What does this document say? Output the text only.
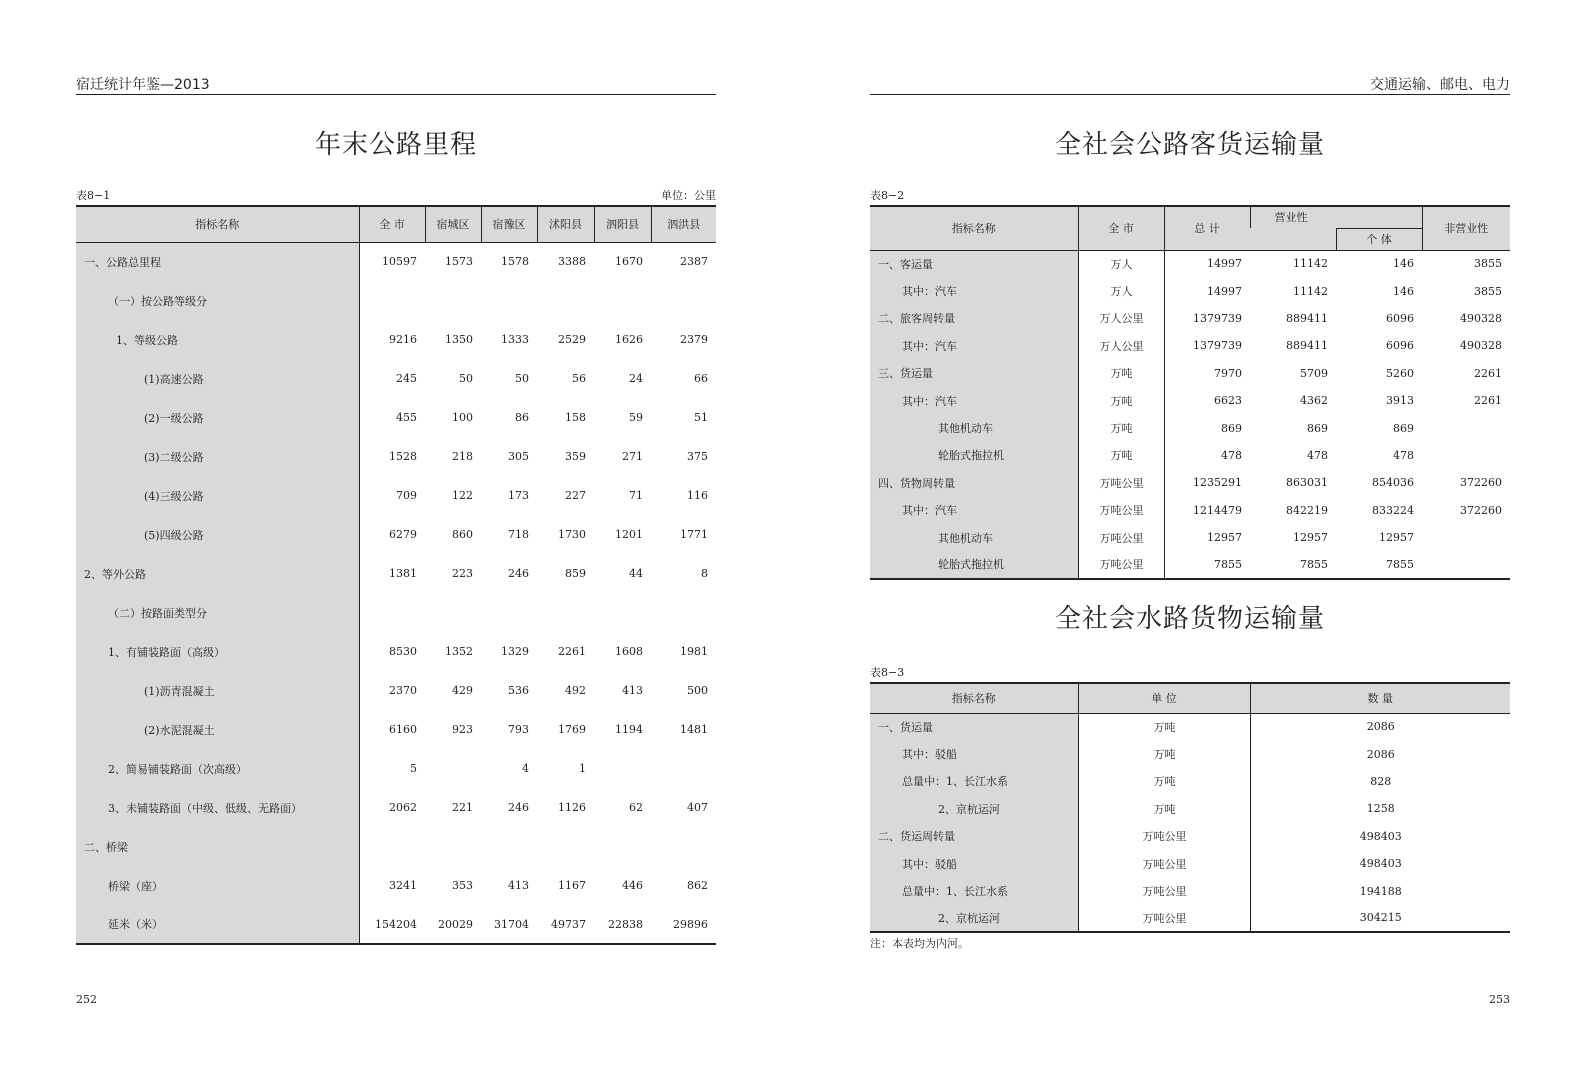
宿迁统计年鉴—2013
年末公路里程
表8−1	单位：公里
指标名称	全 市	宿城区	宿豫区	沭阳县	泗阳县	泗洪县
一、公路总里程	10597	1573	1578	3388	1670	2387
（一）按公路等级分						
1、等级公路	9216	1350	1333	2529	1626	2379
(1)高速公路	245	50	50	56	24	66
(2)一级公路	455	100	86	158	59	51
(3)二级公路	1528	218	305	359	271	375
(4)三级公路	709	122	173	227	71	116
(5)四级公路	6279	860	718	1730	1201	1771
2、等外公路	1381	223	246	859	44	8
（二）按路面类型分						
1、有铺装路面（高级）	8530	1352	1329	2261	1608	1981
(1)沥青混凝土	2370	429	536	492	413	500
(2)水泥混凝土	6160	923	793	1769	1194	1481
2、简易铺装路面（次高级）	5		4	1		
3、未铺装路面（中级、低级、无路面）	2062	221	246	1126	62	407
二、桥梁						
桥梁（座）	3241	353	413	1167	446	862
延米（米）	154204	20029	31704	49737	22838	29896
252
交通运输、邮电、电力
全社会公路客货运输量
表8−2
指标名称	全 市	总 计	营业性		非营业性
				个 体	
一、客运量	万人	14997	11142	146	3855
其中：汽车	万人	14997	11142	146	3855
二、旅客周转量	万人公里	1379739	889411	6096	490328
其中：汽车	万人公里	1379739	889411	6096	490328
三、货运量	万吨	7970	5709	5260	2261
其中：汽车	万吨	6623	4362	3913	2261
其他机动车	万吨	869	869	869	
轮胎式拖拉机	万吨	478	478	478	
四、货物周转量	万吨公里	1235291	863031	854036	372260
其中：汽车	万吨公里	1214479	842219	833224	372260
其他机动车	万吨公里	12957	12957	12957	
轮胎式拖拉机	万吨公里	7855	7855	7855	
全社会水路货物运输量
表8−3
指标名称	单 位	数 量
一、货运量	万吨	2086
其中：驳船	万吨	2086
总量中：1、长江水系	万吨	828
2、京杭运河	万吨	1258
二、货运周转量	万吨公里	498403
其中：驳船	万吨公里	498403
总量中：1、长江水系	万吨公里	194188
2、京杭运河	万吨公里	304215
注：本表均为内河。
253
